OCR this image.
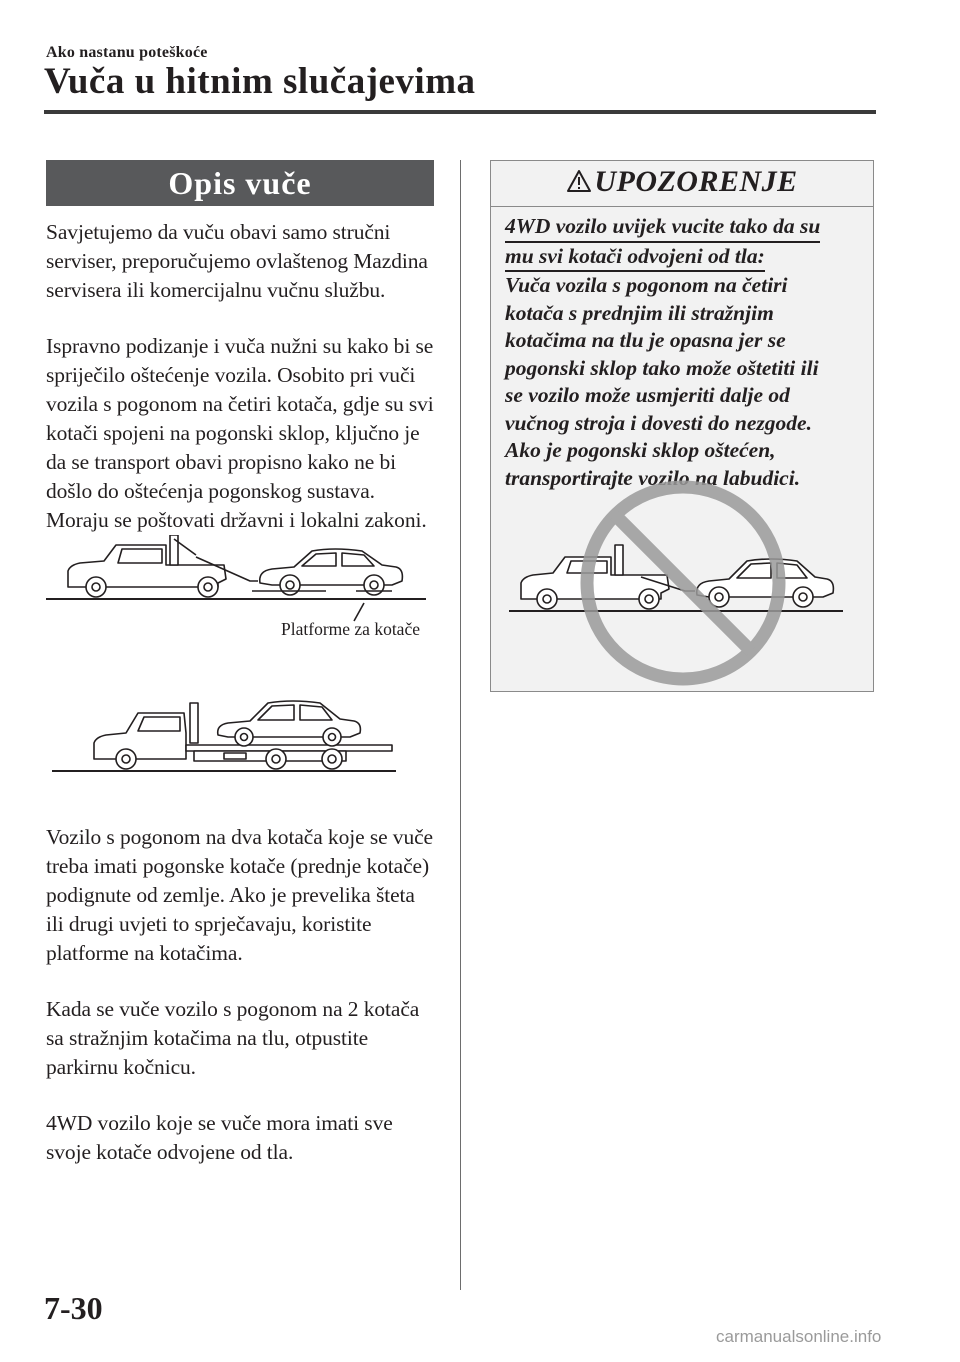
Ako nastanu poteškoće
Vuča u hitnim slučajevima
Opis vuče

Savjetujemo da vuču obavi samo stručni serviser, preporučujemo ovlaštenog Mazdina servisera ili komercijalnu vučnu službu.

Ispravno podizanje i vuča nužni su kako bi se spriječilo oštećenje vozila. Osobito pri vuči vozila s pogonom na četiri kotača, gdje su svi kotači spojeni na pogonski sklop, ključno je da se transport obavi propisno kako ne bi došlo do oštećenja pogonskog sustava. Moraju se poštovati državni i lokalni zakoni.

Platforme za kotače

Vozilo s pogonom na dva kotača koje se vuče treba imati pogonske kotače (prednje kotače) podignute od zemlje. Ako je prevelika šteta ili drugi uvjeti to sprječavaju, koristite platforme na kotačima.

Kada se vuče vozilo s pogonom na 2 kotača sa stražnjim kotačima na tlu, otpustite parkirnu kočnicu.

4WD vozilo koje se vuče mora imati sve svoje kotače odvojene od tla.

UPOZORENJE
4WD vozilo uvijek vucite tako da su
mu svi kotači odvojeni od tla:
Vuča vozila s pogonom na četiri
kotača s prednjim ili stražnjim
kotačima na tlu je opasna jer se
pogonski sklop tako može oštetiti ili
se vozilo može usmjeriti dalje od
vučnog stroja i dovesti do nezgode.
Ako je pogonski sklop oštećen,
transportirajte vozilo na labudici.
7-30
carmanualsonline.info
